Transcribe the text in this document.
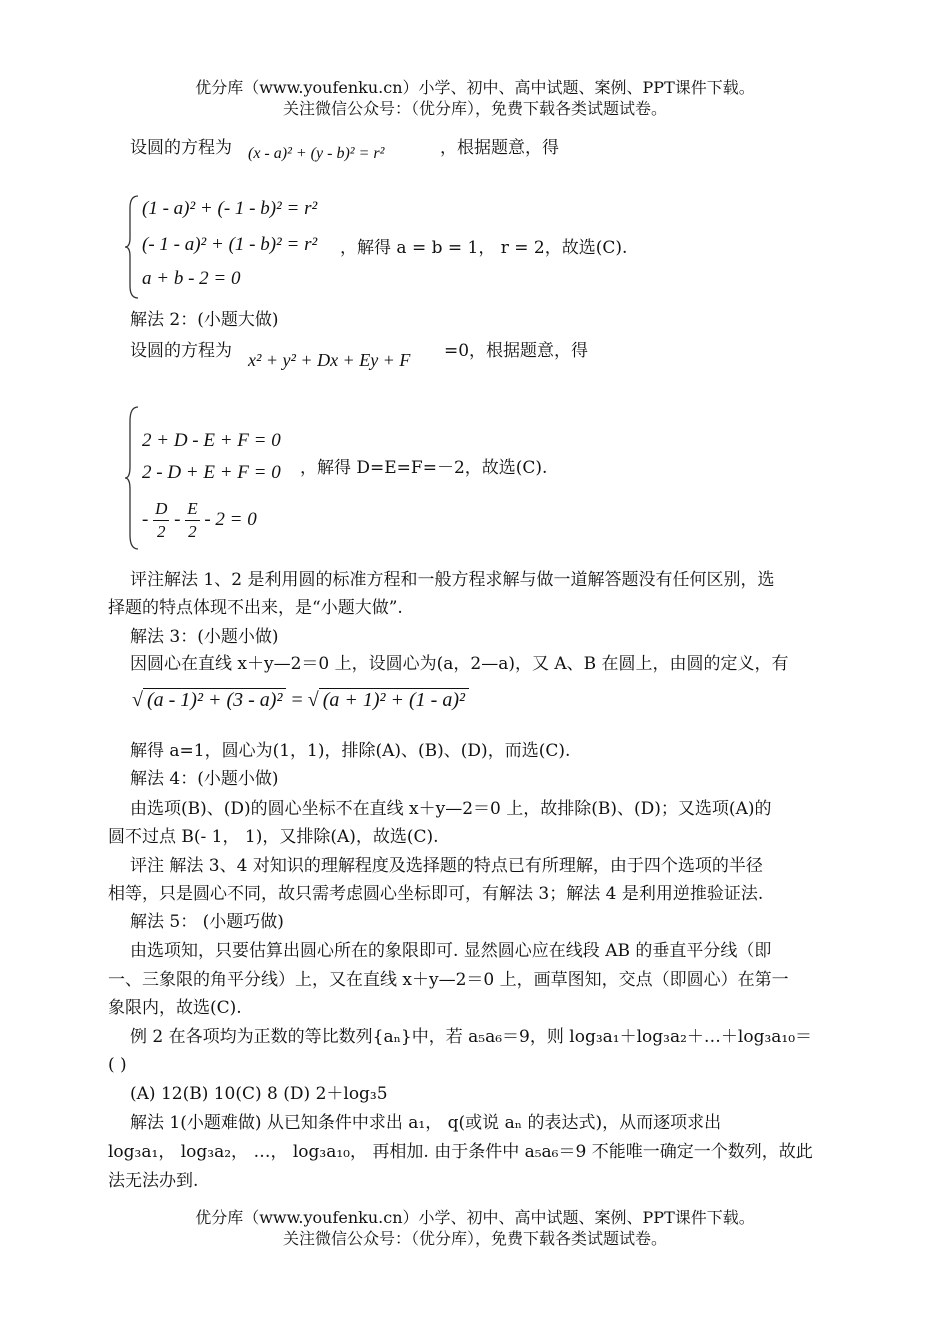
优分库（www.youfenku.cn）小学、初中、高中试题、案例、PPT课件下载。
关注微信公众号：（优分库），免费下载各类试题试卷。
设圆的方程为 (x - a)² + (y - b)² = r²	，根据题意，得
(1 - a)² + (- 1 - b)² = r²
(- 1 - a)² + (1 - b)² = r²
a + b - 2 = 0
，解得 a = b = 1， r = 2，故选(C).
解法 2：(小题大做)
设圆的方程为 x² + y² + Dx + Ey + F =0，根据题意，得
2 + D - E + F = 0
2 - D + E + F = 0
- $\frac{D}{2} - \frac{E}{2} - 2 = 0$
，解得 D=E=F=－2，故选(C).
评注解法 1、2 是利用圆的标准方程和一般方程求解与做一道解答题没有任何区别，选
择题的特点体现不出来，是“小题大做”.
解法 3：(小题小做)
因圆心在直线 x＋y—2＝0 上，设圆心为(a，2—a)，又 A、B 在圆上，由圆的定义，有
√ (a - 1)² + (3 - a)² = √ (a + 1)² + (1 - a)²
解得 a=1，圆心为(1，1)，排除(A)、(B)、(D)，而选(C).
解法 4：(小题小做)
由选项(B)、(D)的圆心坐标不在直线 x＋y—2＝0 上，故排除(B)、(D)；又选项(A)的
圆不过点 B(- 1， 1)，又排除(A)，故选(C).
评注 解法 3、4 对知识的理解程度及选择题的特点已有所理解，由于四个选项的半径
相等，只是圆心不同，故只需考虑圆心坐标即可，有解法 3；解法 4 是利用逆推验证法.
解法 5： (小题巧做)
由选项知，只要估算出圆心所在的象限即可. 显然圆心应在线段 AB 的垂直平分线（即
一、三象限的角平分线）上，又在直线 x＋y—2＝0 上，画草图知，交点（即圆心）在第一
象限内，故选(C).
例 2 在各项均为正数的等比数列{aₙ}中，若 a₅a₆＝9，则 log₃a₁＋log₃a₂＋…＋log₃a₁₀＝
( )
(A) 12(B) 10(C) 8 (D) 2＋log₃5
解法 1(小题难做) 从已知条件中求出 a₁， q(或说 aₙ 的表达式)，从而逐项求出
log₃a₁， log₃a₂， …， log₃a₁₀， 再相加. 由于条件中 a₅a₆＝9 不能唯一确定一个数列，故此
法无法办到.
优分库（www.youfenku.cn）小学、初中、高中试题、案例、PPT课件下载。
关注微信公众号：（优分库），免费下载各类试题试卷。
